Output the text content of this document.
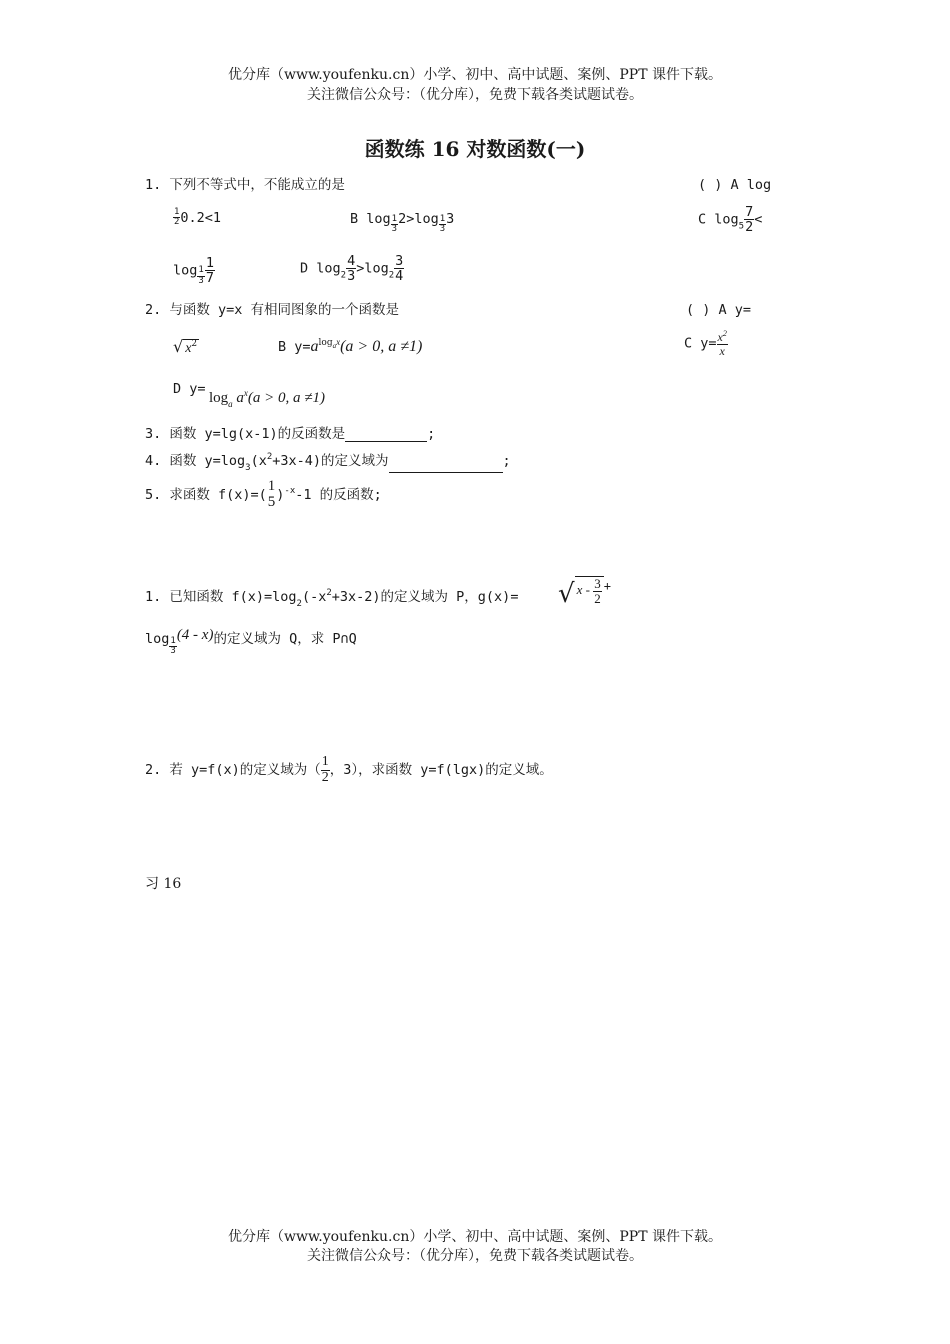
优分库（www.youfenku.cn）小学、初中、高中试题、案例、PPT 课件下载。
关注微信公众号：（优分库），免费下载各类试题试卷。
函数练 16 对数函数(一)
1. 下列不等式中，不能成立的是	( ) A log
$\frac{1}{2} 0.2<1$	B $\log \frac{1}{3} 2>\log \frac{1}{3} 3$	C $\log_5 \frac{7}{2}$ <
$\log \frac{1}{3} \frac{1}{7}$	D $\log_2 \frac{4}{3} >\log_2 \frac{3}{4}$
2. 与函数 y=x 有相同图象的一个函数是	( ) A y=
√ $x^2$	B $y=a^{logax}(a > 0$, a ≠1)	C $y= \frac{x^2}{x}$
D y=
$\log_a a^x(a > 0$, a ≠1)
3. 函数 y=lg(x-1)的反函数是	;
4. 函数 $y=\log_3(x^2+3x-4)$的定义域为	;
5. 求函数 f(x)=(
1
5 )$^{-x}$-1 的反函数;
1. 已知函数 $f(x)=\log_2(-x^2+3x-2)$的定义域为 P，g(x)= √ x - $\frac{3}{2}$ +
$\log \frac{1}{3}$
(4 - x)的定义域为 Q，求 P∩Q
2. 若 y=f(x)的定义域为（ $\frac{1}{2}$ ，3），求函数 y=f(lgx)的定义域。
习 16
优分库（www.youfenku.cn）小学、初中、高中试题、案例、PPT 课件下载。
关注微信公众号：（优分库），免费下载各类试题试卷。
